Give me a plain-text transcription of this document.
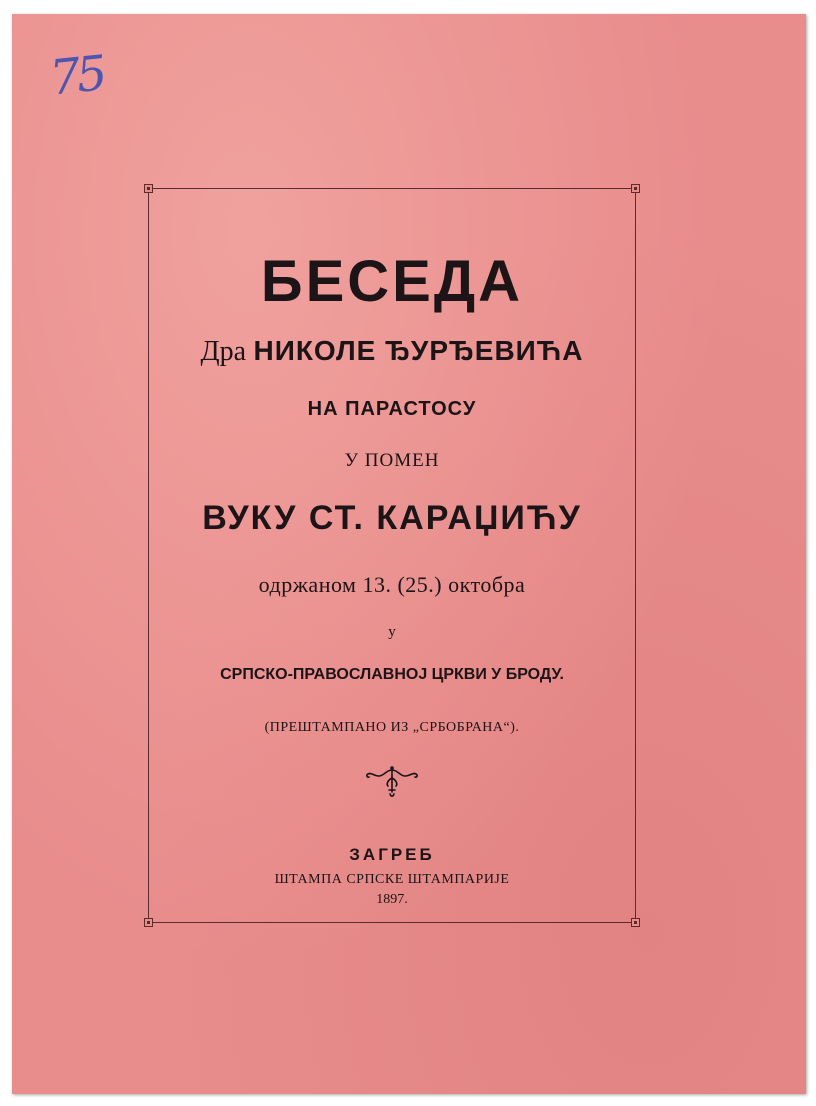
75
БЕСЕДА
Дра НИКОЛЕ ЂУРЂЕВИЋА
НА ПАРАСТОСУ
У ПОМЕН
ВУКУ СТ. КАРАЏИЋУ
одржаном 13. (25.) октобра
у
СРПСКО-ПРАВОСЛАВНОЈ ЦРКВИ У БРОДУ.
(ПРЕШТАМПАНО ИЗ „СРБОБРАНА“).
ЗАГРЕБ
ШТАМПА СРПСКЕ ШТАМПАРИЈЕ
1897.
